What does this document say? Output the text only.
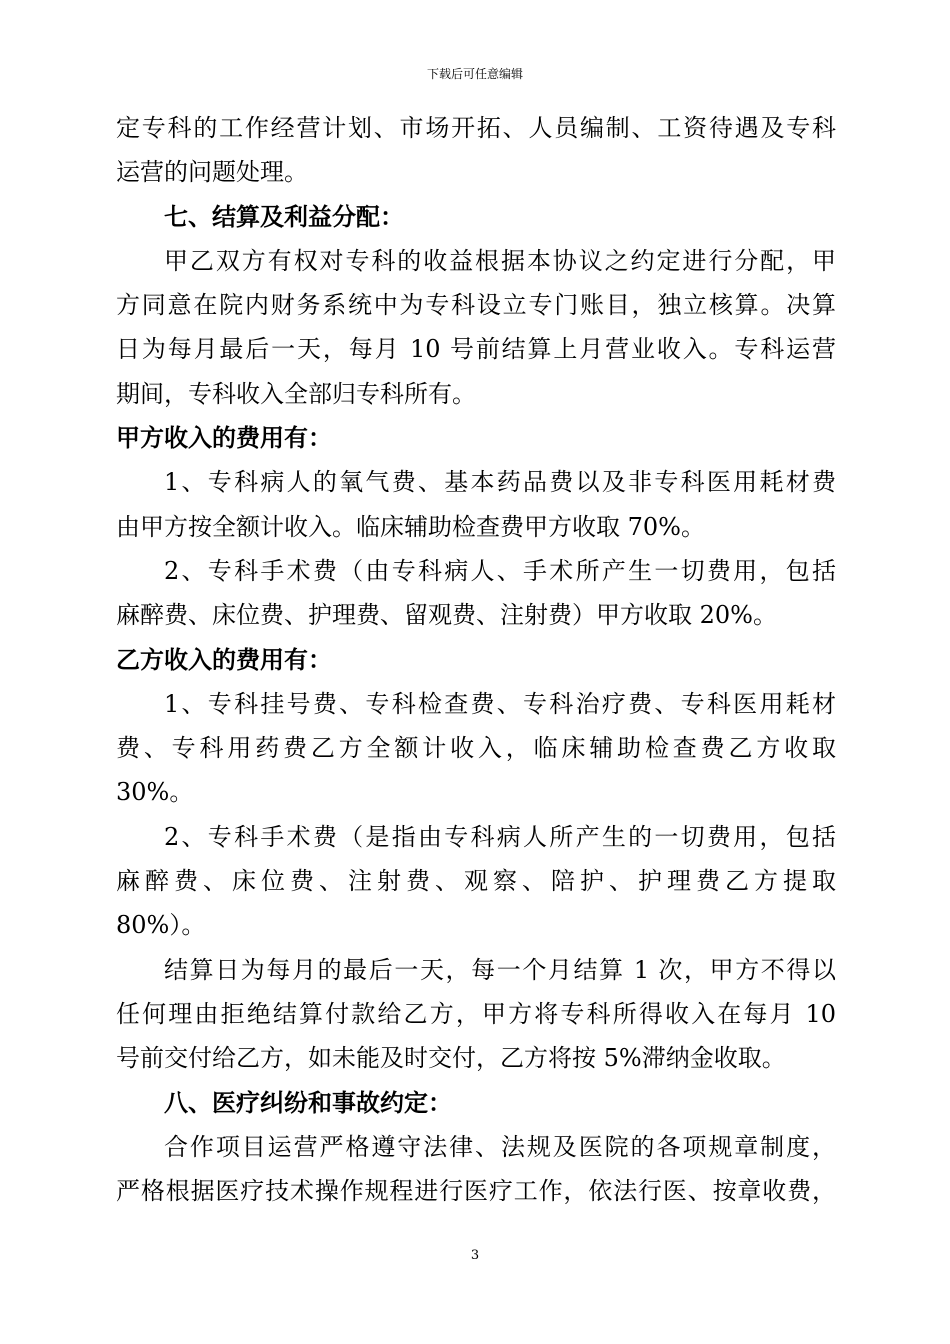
下载后可任意编辑
定专科的工作经营计划、市场开拓、人员编制、工资待遇及专科
运营的问题处理。
七、结算及利益分配：
甲乙双方有权对专科的收益根据本协议之约定进行分配，甲
方同意在院内财务系统中为专科设立专门账目，独立核算。决算
日为每月最后一天，每月 10 号前结算上月营业收入。专科运营
期间，专科收入全部归专科所有。
甲方收入的费用有：
1、专科病人的氧气费、基本药品费以及非专科医用耗材费
由甲方按全额计收入。临床辅助检查费甲方收取 70%。
2、专科手术费（由专科病人、手术所产生一切费用，包括
麻醉费、床位费、护理费、留观费、注射费）甲方收取 20%。
乙方收入的费用有：
1、专科挂号费、专科检查费、专科治疗费、专科医用耗材
费、专科用药费乙方全额计收入，临床辅助检查费乙方收取
30%。
2、专科手术费（是指由专科病人所产生的一切费用，包括
麻醉费、床位费、注射费、观察、陪护、护理费乙方提取
80%）。
结算日为每月的最后一天，每一个月结算 1 次，甲方不得以
任何理由拒绝结算付款给乙方，甲方将专科所得收入在每月 10
号前交付给乙方，如未能及时交付，乙方将按 5%滞纳金收取。
八、医疗纠纷和事故约定：
合作项目运营严格遵守法律、法规及医院的各项规章制度，
严格根据医疗技术操作规程进行医疗工作，依法行医、按章收费，
3
